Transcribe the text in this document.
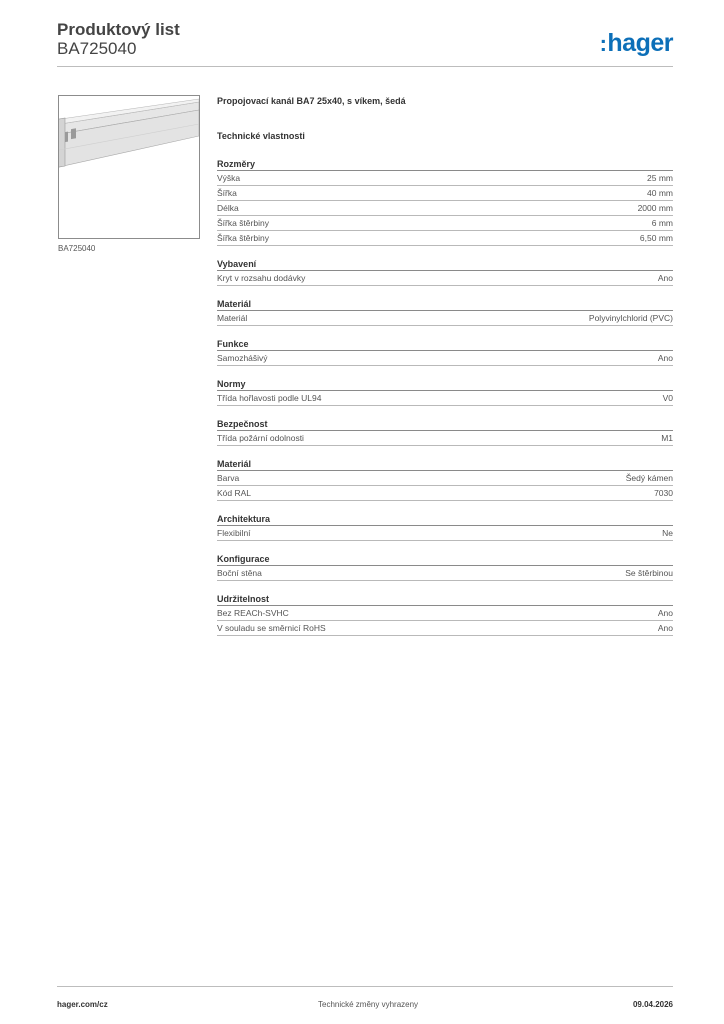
Produktový list
BA725040	:hager
BA725040
Propojovací kanál BA7 25x40, s víkem, šedá
Technické vlastnosti
Rozměry
Výška	25 mm
Šířka	40 mm
Délka	2000 mm
Šířka štěrbiny	6 mm
Šířka štěrbiny	6,50 mm
Vybavení
Kryt v rozsahu dodávky	Ano
Materiál
Materiál	Polyvinylchlorid (PVC)
Funkce
Samozhášivý	Ano
Normy
Třída hořlavosti podle UL94	V0
Bezpečnost
Třída požární odolnosti	M1
Materiál
Barva	Šedý kámen
Kód RAL	7030
Architektura
Flexibilní	Ne
Konfigurace
Boční stěna	Se štěrbinou
Udržitelnost
Bez REACh-SVHC	Ano
V souladu se směrnicí RoHS	Ano
hager.com/cz	Technické změny vyhrazeny	09.04.2026
